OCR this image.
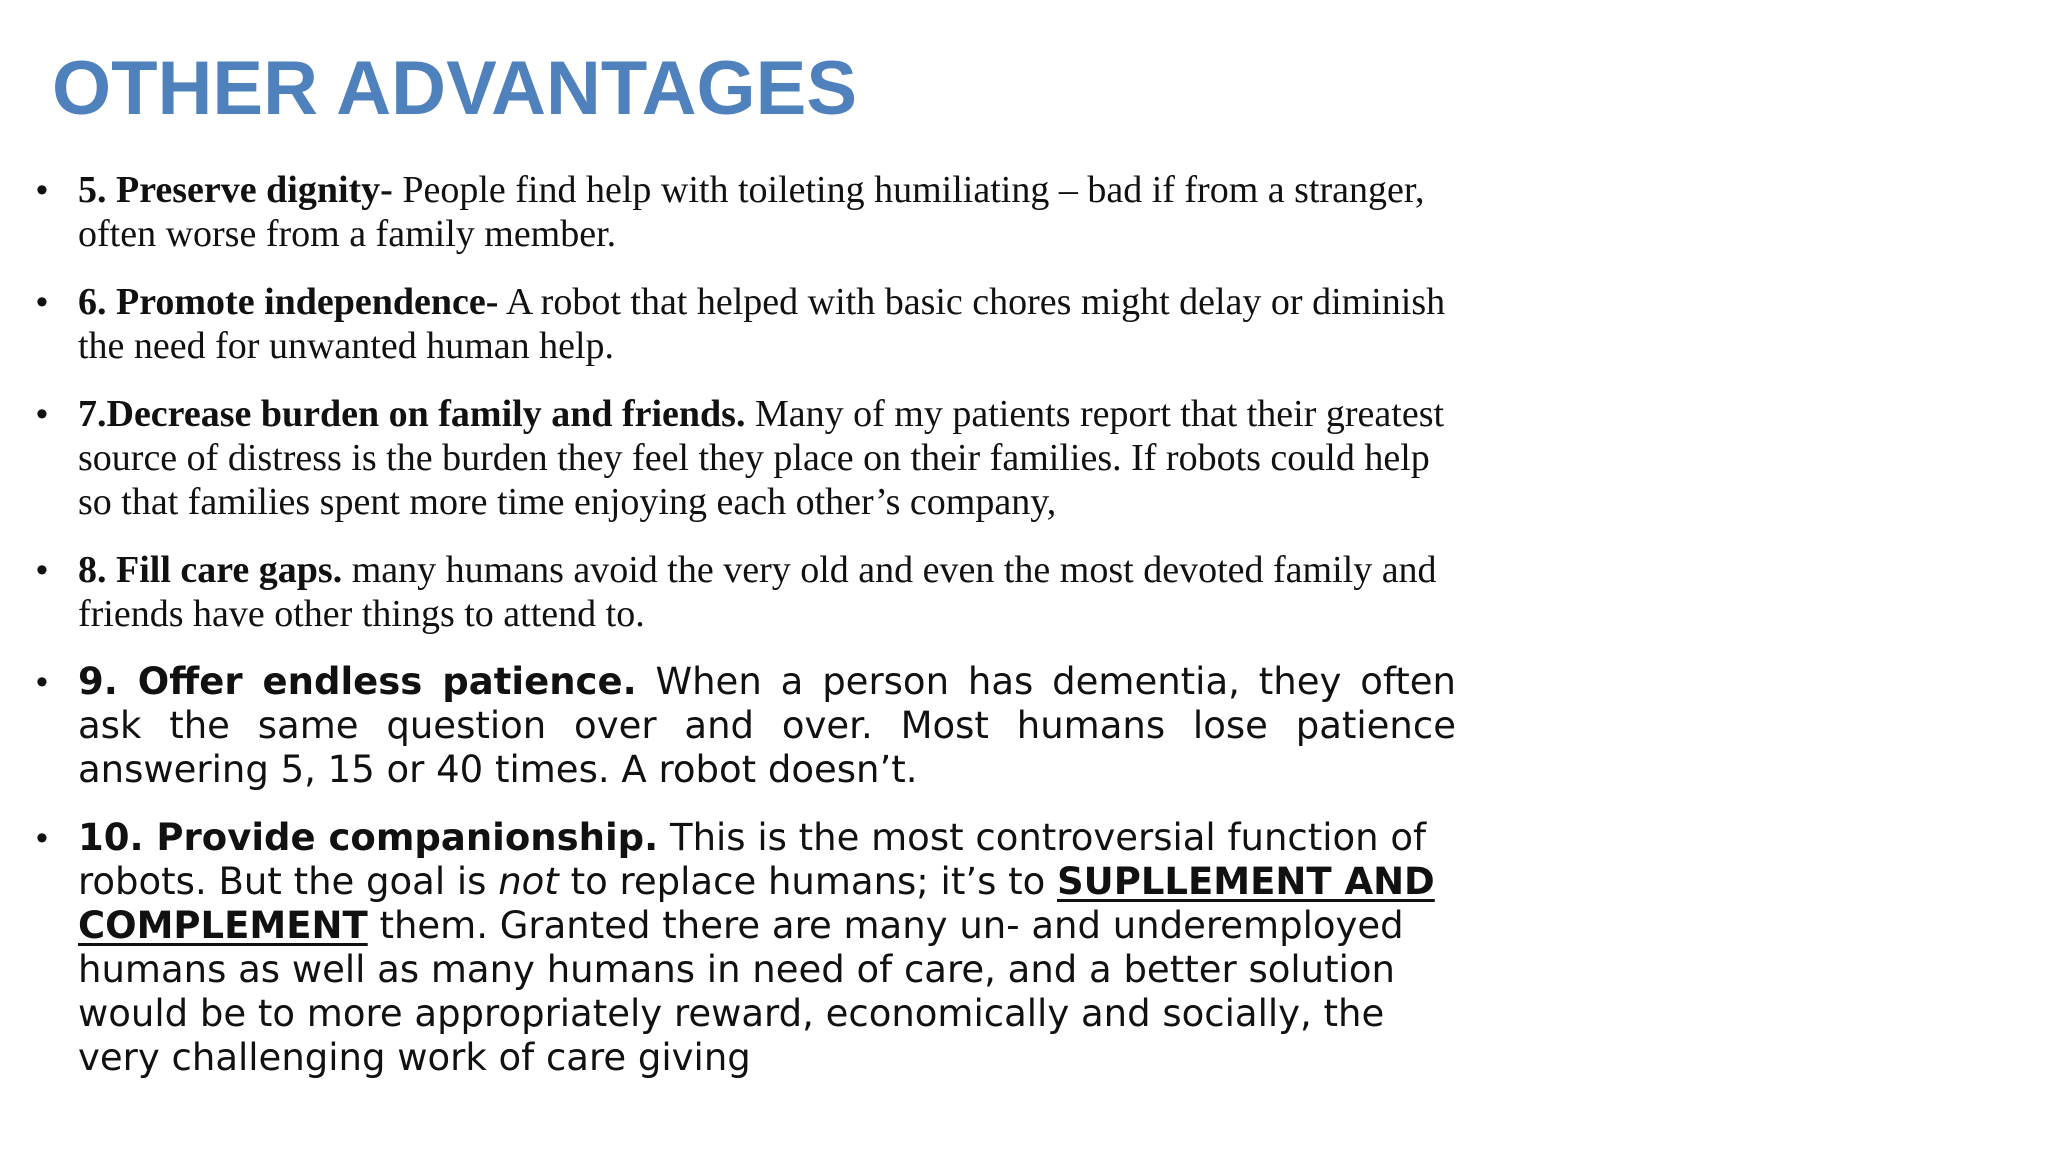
OTHER ADVANTAGES
• 5. Preserve dignity- People find help with toileting humiliating – bad if from a stranger, often worse from a family member.
• 6. Promote independence- A robot that helped with basic chores might delay or diminish the need for unwanted human help.
• 7.Decrease burden on family and friends. Many of my patients report that their greatest source of distress is the burden they feel they place on their families. If robots could help so that families spent more time enjoying each other’s company,
• 8. Fill care gaps. many humans avoid the very old and even the most devoted family and friends have other things to attend to.
• 9. Offer endless patience. When a person has dementia, they often ask the same question over and over. Most humans lose patience answering 5, 15 or 40 times. A robot doesn’t.
• 10. Provide companionship. This is the most controversial function of robots. But the goal is not to replace humans; it’s to SUPLLEMENT AND COMPLEMENT them. Granted there are many un- and underemployed humans as well as many humans in need of care, and a better solution would be to more appropriately reward, economically and socially, the very challenging work of care giving
